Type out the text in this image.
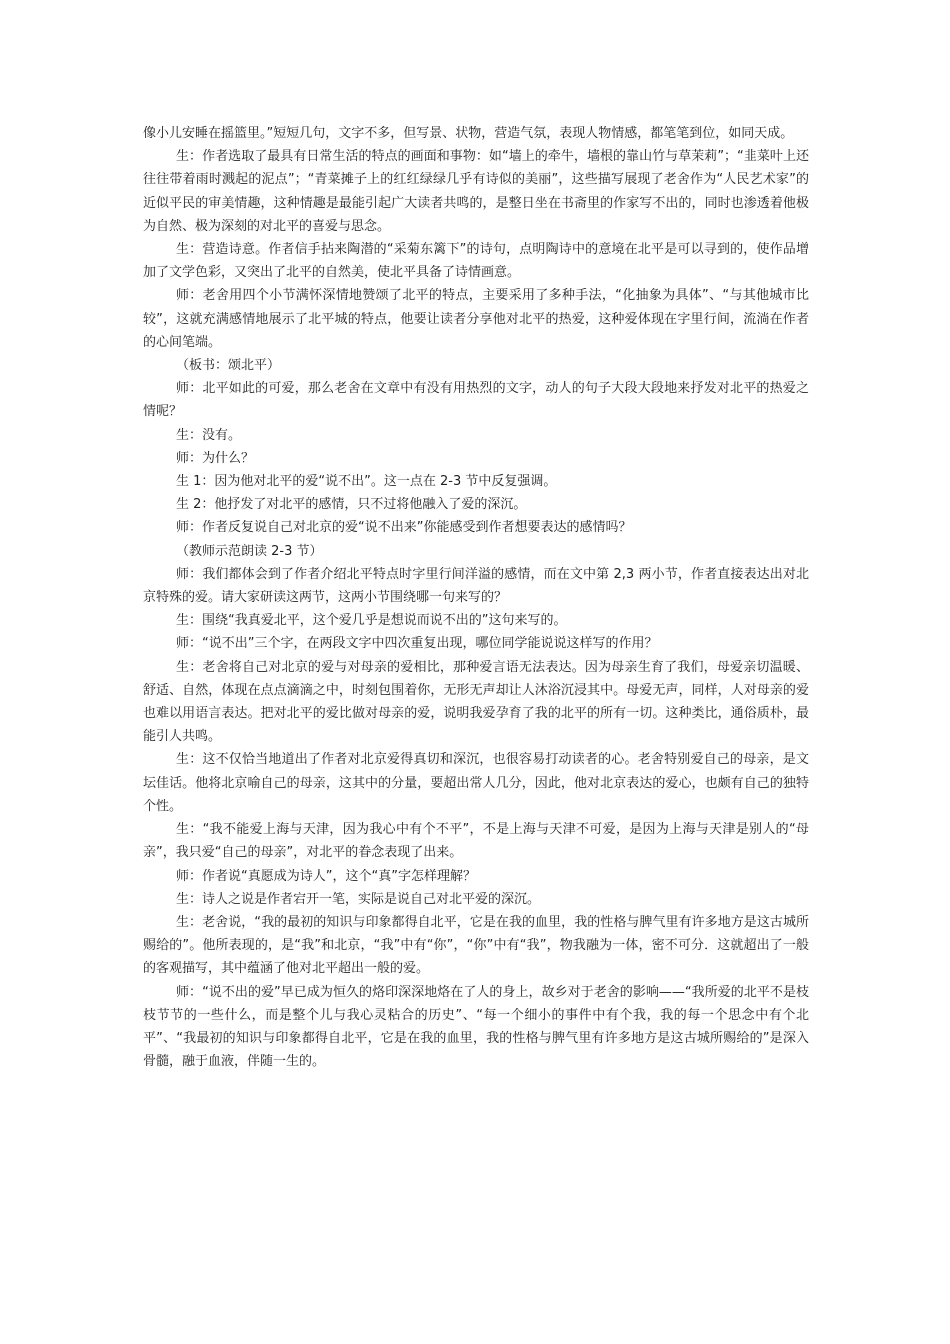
像小儿安睡在摇篮里。”短短几句，文字不多，但写景、状物，营造气氛，表现人物情感，都笔笔到位，如同天成。

生：作者选取了最具有日常生活的特点的画面和事物：如“墙上的牵牛，墙根的靠山竹与草茉莉”；“韭菜叶上还往往带着雨时溅起的泥点”；“青菜摊子上的红红绿绿几乎有诗似的美丽”，这些描写展现了老舍作为“人民艺术家”的近似平民的审美情趣，这种情趣是最能引起广大读者共鸣的，是整日坐在书斋里的作家写不出的，同时也渗透着他极为自然、极为深刻的对北平的喜爱与思念。

生：营造诗意。作者信手拈来陶潜的“采菊东篱下”的诗句，点明陶诗中的意境在北平是可以寻到的，使作品增加了文学色彩，又突出了北平的自然美，使北平具备了诗情画意。

师：老舍用四个小节满怀深情地赞颂了北平的特点，主要采用了多种手法，“化抽象为具体”、“与其他城市比较”，这就充满感情地展示了北平城的特点，他要让读者分享他对北平的热爱，这种爱体现在字里行间，流淌在作者的心间笔端。

（板书：颂北平）

师：北平如此的可爱，那么老舍在文章中有没有用热烈的文字，动人的句子大段大段地来抒发对北平的热爱之情呢？

生：没有。

师：为什么？

生 1：因为他对北平的爱“说不出”。这一点在 2-3 节中反复强调。

生 2：他抒发了对北平的感情，只不过将他融入了爱的深沉。

师：作者反复说自己对北京的爱“说不出来”你能感受到作者想要表达的感情吗？

（教师示范朗读 2-3 节）

师：我们都体会到了作者介绍北平特点时字里行间洋溢的感情，而在文中第 2,3 两小节，作者直接表达出对北京特殊的爱。请大家研读这两节，这两小节围绕哪一句来写的？

生：围绕“我真爱北平，这个爱几乎是想说而说不出的”这句来写的。

师：“说不出”三个字，在两段文字中四次重复出现，哪位同学能说说这样写的作用？

生：老舍将自己对北京的爱与对母亲的爱相比，那种爱言语无法表达。因为母亲生育了我们，母爱亲切温暖、舒适、自然，体现在点点滴滴之中，时刻包围着你，无形无声却让人沐浴沉浸其中。母爱无声，同样，人对母亲的爱也难以用语言表达。把对北平的爱比做对母亲的爱，说明我爱孕育了我的北平的所有一切。这种类比，通俗质朴，最能引人共鸣。

生：这不仅恰当地道出了作者对北京爱得真切和深沉，也很容易打动读者的心。老舍特别爱自己的母亲，是文坛佳话。他将北京喻自己的母亲，这其中的分量，要超出常人几分，因此，他对北京表达的爱心，也颇有自己的独特个性。

生：“我不能爱上海与天津，因为我心中有个不平”，不是上海与天津不可爱，是因为上海与天津是别人的“母亲”，我只爱“自己的母亲”，对北平的眷念表现了出来。

师：作者说“真愿成为诗人”，这个“真”字怎样理解？

生：诗人之说是作者宕开一笔，实际是说自己对北平爱的深沉。

生：老舍说，“我的最初的知识与印象都得自北平，它是在我的血里，我的性格与脾气里有许多地方是这古城所赐给的”。他所表现的，是“我”和北京，“我”中有“你”，“你”中有“我”，物我融为一体，密不可分．这就超出了一般的客观描写，其中蕴涵了他对北平超出一般的爱。

师：“说不出的爱”早已成为恒久的烙印深深地烙在了人的身上，故乡对于老舍的影响——“我所爱的北平不是枝枝节节的一些什么，而是整个儿与我心灵粘合的历史”、“每一个细小的事件中有个我，我的每一个思念中有个北平”、“我最初的知识与印象都得自北平，它是在我的血里，我的性格与脾气里有许多地方是这古城所赐给的”是深入骨髓，融于血液，伴随一生的。
